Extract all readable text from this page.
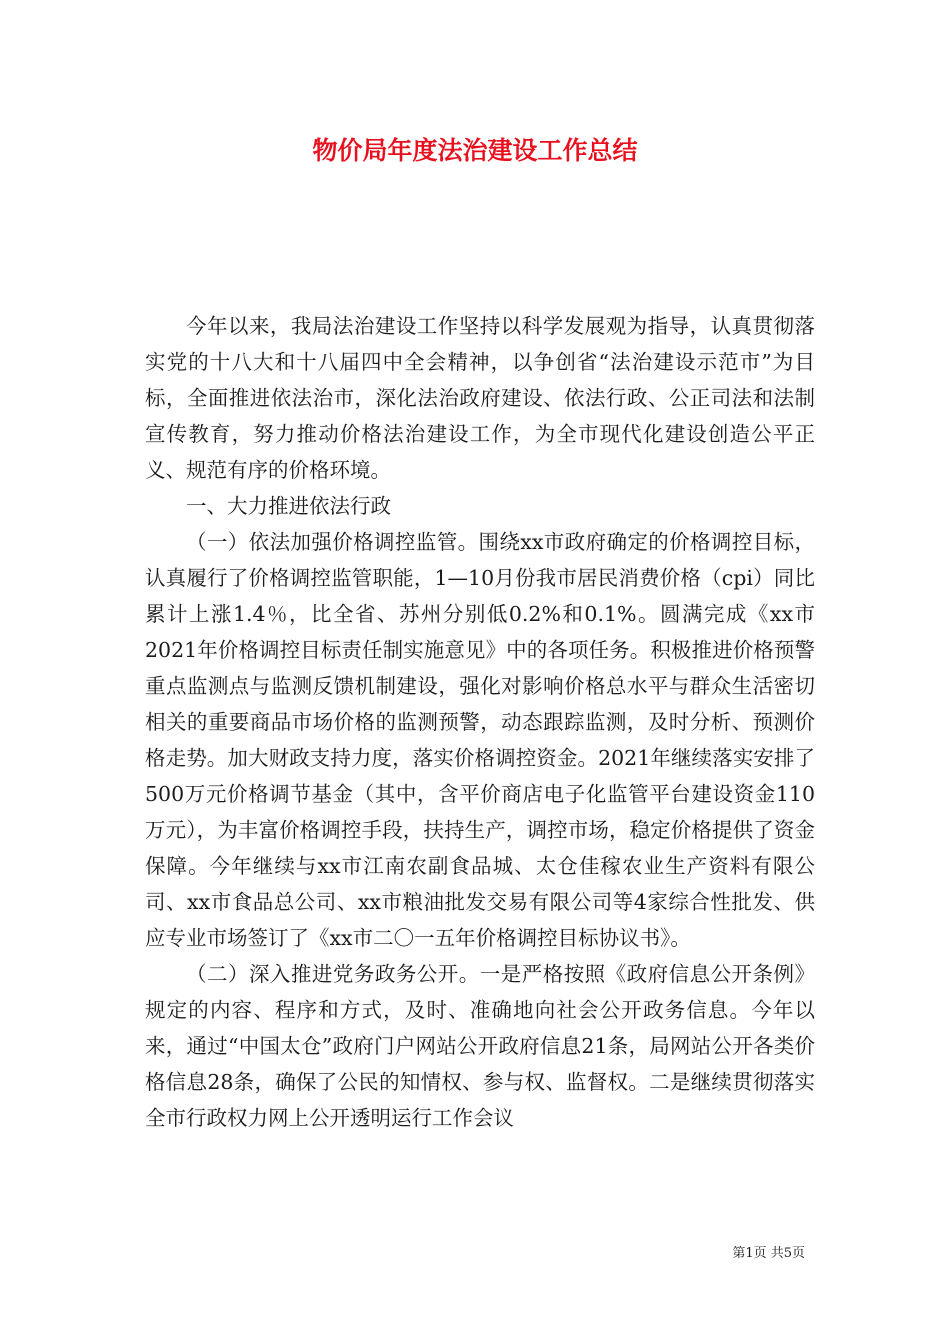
物价局年度法治建设工作总结

今年以来，我局法治建设工作坚持以科学发展观为指导，认真贯彻落实党的十八大和十八届四中全会精神，以争创省“法治建设示范市”为目标，全面推进依法治市，深化法治政府建设、依法行政、公正司法和法制宣传教育，努力推动价格法治建设工作，为全市现代化建设创造公平正义、规范有序的价格环境。

一、大力推进依法行政

（一）依法加强价格调控监管。围绕xx市政府确定的价格调控目标，认真履行了价格调控监管职能，1—10月份我市居民消费价格（cpi）同比累计上涨1.4％，比全省、苏州分别低0.2%和0.1%。圆满完成《xx市2021年价格调控目标责任制实施意见》中的各项任务。积极推进价格预警重点监测点与监测反馈机制建设，强化对影响价格总水平与群众生活密切相关的重要商品市场价格的监测预警，动态跟踪监测，及时分析、预测价格走势。加大财政支持力度，落实价格调控资金。2021年继续落实安排了500万元价格调节基金（其中，含平价商店电子化监管平台建设资金110万元），为丰富价格调控手段，扶持生产，调控市场，稳定价格提供了资金保障。今年继续与xx市江南农副食品城、太仓佳稼农业生产资料有限公司、xx市食品总公司、xx市粮油批发交易有限公司等4家综合性批发、供应专业市场签订了《xx市二〇一五年价格调控目标协议书》。

（二）深入推进党务政务公开。一是严格按照《政府信息公开条例》规定的内容、程序和方式，及时、准确地向社会公开政务信息。今年以来，通过“中国太仓”政府门户网站公开政府信息21条，局网站公开各类价格信息28条，确保了公民的知情权、参与权、监督权。二是继续贯彻落实全市行政权力网上公开透明运行工作会议

第1页 共5页
